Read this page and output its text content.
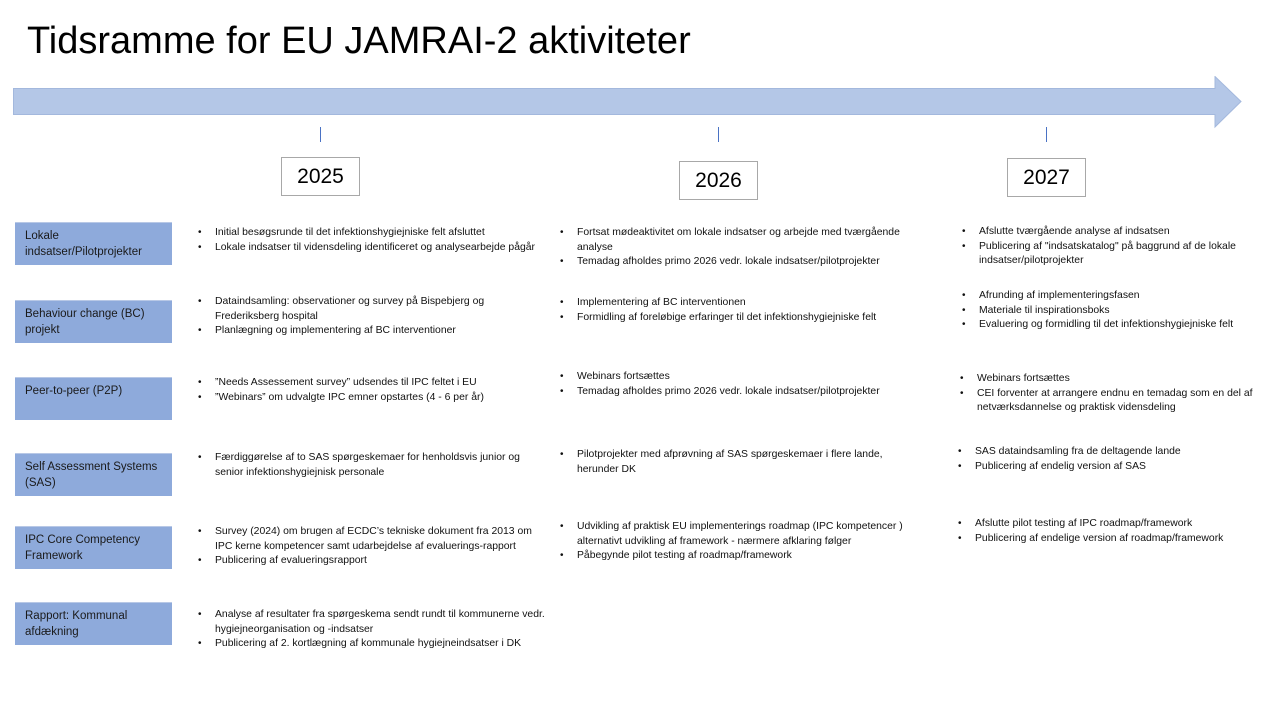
Tidsramme for EU JAMRAI-2 aktiviteter
2025	2026	2027
Lokale indsatser/Pilotprojekter
• Initial besøgsrunde til det infektionshygiejniske felt afsluttet
• Lokale indsatser til vidensdeling identificeret og analysearbejde pågår
• Fortsat mødeaktivitet om lokale indsatser og arbejde med tværgående analyse
• Temadag afholdes primo 2026 vedr. lokale indsatser/pilotprojekter
• Afslutte tværgående analyse af indsatsen
• Publicering af "indsatskatalog" på baggrund af de lokale indsatser/pilotprojekter
Behaviour change (BC) projekt
• Dataindsamling: observationer og survey på Bispebjerg og Frederiksberg hospital
• Planlægning og implementering af BC interventioner
• Implementering af BC interventionen
• Formidling af foreløbige erfaringer til det infektionshygiejniske felt
• Afrunding af implementeringsfasen
• Materiale til inspirationsboks
• Evaluering og formidling til det infektionshygiejniske felt
Peer-to-peer (P2P)
• ”Needs Assessement survey” udsendes til IPC feltet i EU
• ”Webinars” om udvalgte IPC emner opstartes (4 - 6 per år)
• Webinars fortsættes
• Temadag afholdes primo 2026 vedr. lokale indsatser/pilotprojekter
• Webinars fortsættes
• CEI forventer at arrangere endnu en temadag som en del af netværksdannelse og praktisk vidensdeling
Self Assessment Systems (SAS)
• Færdiggørelse af to SAS spørgeskemaer for henholdsvis junior og senior infektionshygiejnisk personale
• Pilotprojekter med afprøvning af SAS spørgeskemaer i flere lande, herunder DK
• SAS dataindsamling fra de deltagende lande
• Publicering af endelig version af SAS
IPC Core Competency Framework
• Survey (2024) om brugen af ECDC’s tekniske dokument fra 2013 om IPC kerne kompetencer samt udarbejdelse af evaluerings-rapport
• Publicering af evalueringsrapport
• Udvikling af praktisk EU implementerings roadmap (IPC kompetencer ) alternativt udvikling af framework - nærmere afklaring følger
• Påbegynde pilot testing af roadmap/framework
• Afslutte pilot testing af IPC roadmap/framework
• Publicering af endelige version af roadmap/framework
Rapport: Kommunal afdækning
• Analyse af resultater fra spørgeskema sendt rundt til kommunerne vedr. hygiejneorganisation og -indsatser
• Publicering af 2. kortlægning af kommunale hygiejneindsatser i DK
